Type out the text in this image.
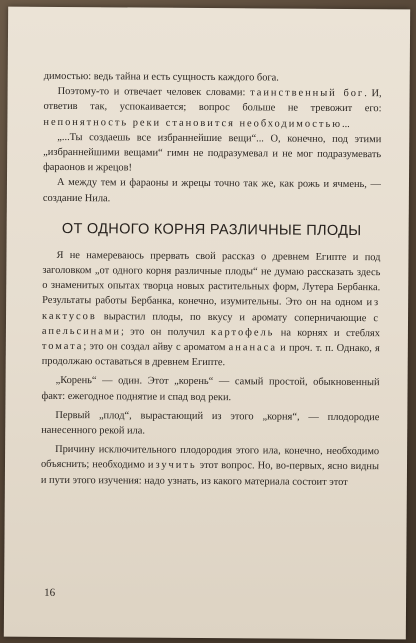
димостью: ведь тайна и есть сущность каждого бога.

Поэтому-то и отвечает человек словами: таинственный бог. И, ответив так, успокаивается; вопрос больше не тревожит его: непонятность реки становится необходимостью...

„...Ты создаешь все избраннейшие вещи“... О, конечно, под этими „избраннейшими вещами“ гимн не подразумевал и не мог подразумевать фараонов и жрецов!

А между тем и фараоны и жрецы точно так же, как рожь и ячмень, — создание Нила.

ОТ ОДНОГО КОРНЯ РАЗЛИЧНЫЕ ПЛОДЫ

Я не намереваюсь прервать свой рассказ о древнем Египте и под заголовком „от одного корня различные плоды“ не думаю рассказать здесь о знаменитых опытах творца новых растительных форм, Лутера Бербанка. Результаты работы Бербанка, конечно, изумительны. Это он на одном из кактусов вырастил плоды, по вкусу и аромату соперничающие с апельсинами; это он получил картофель на корнях и стеблях томата; это он создал айву с ароматом ананаса и проч. т. п. Однако, я продолжаю оставаться в древнем Египте.

„Корень“ — один. Этот „корень“ — самый простой, обыкновенный факт: ежегодное поднятие и спад вод реки.

Первый „плод“, вырастающий из этого „корня“, — плодородие нанесенного рекой ила.

Причину исключительного плодородия этого ила, конечно, необходимо объяснить; необходимо изучить этот вопрос. Но, во-первых, ясно видны и пути этого изучения: надо узнать, из какого материала состоит этот

16
